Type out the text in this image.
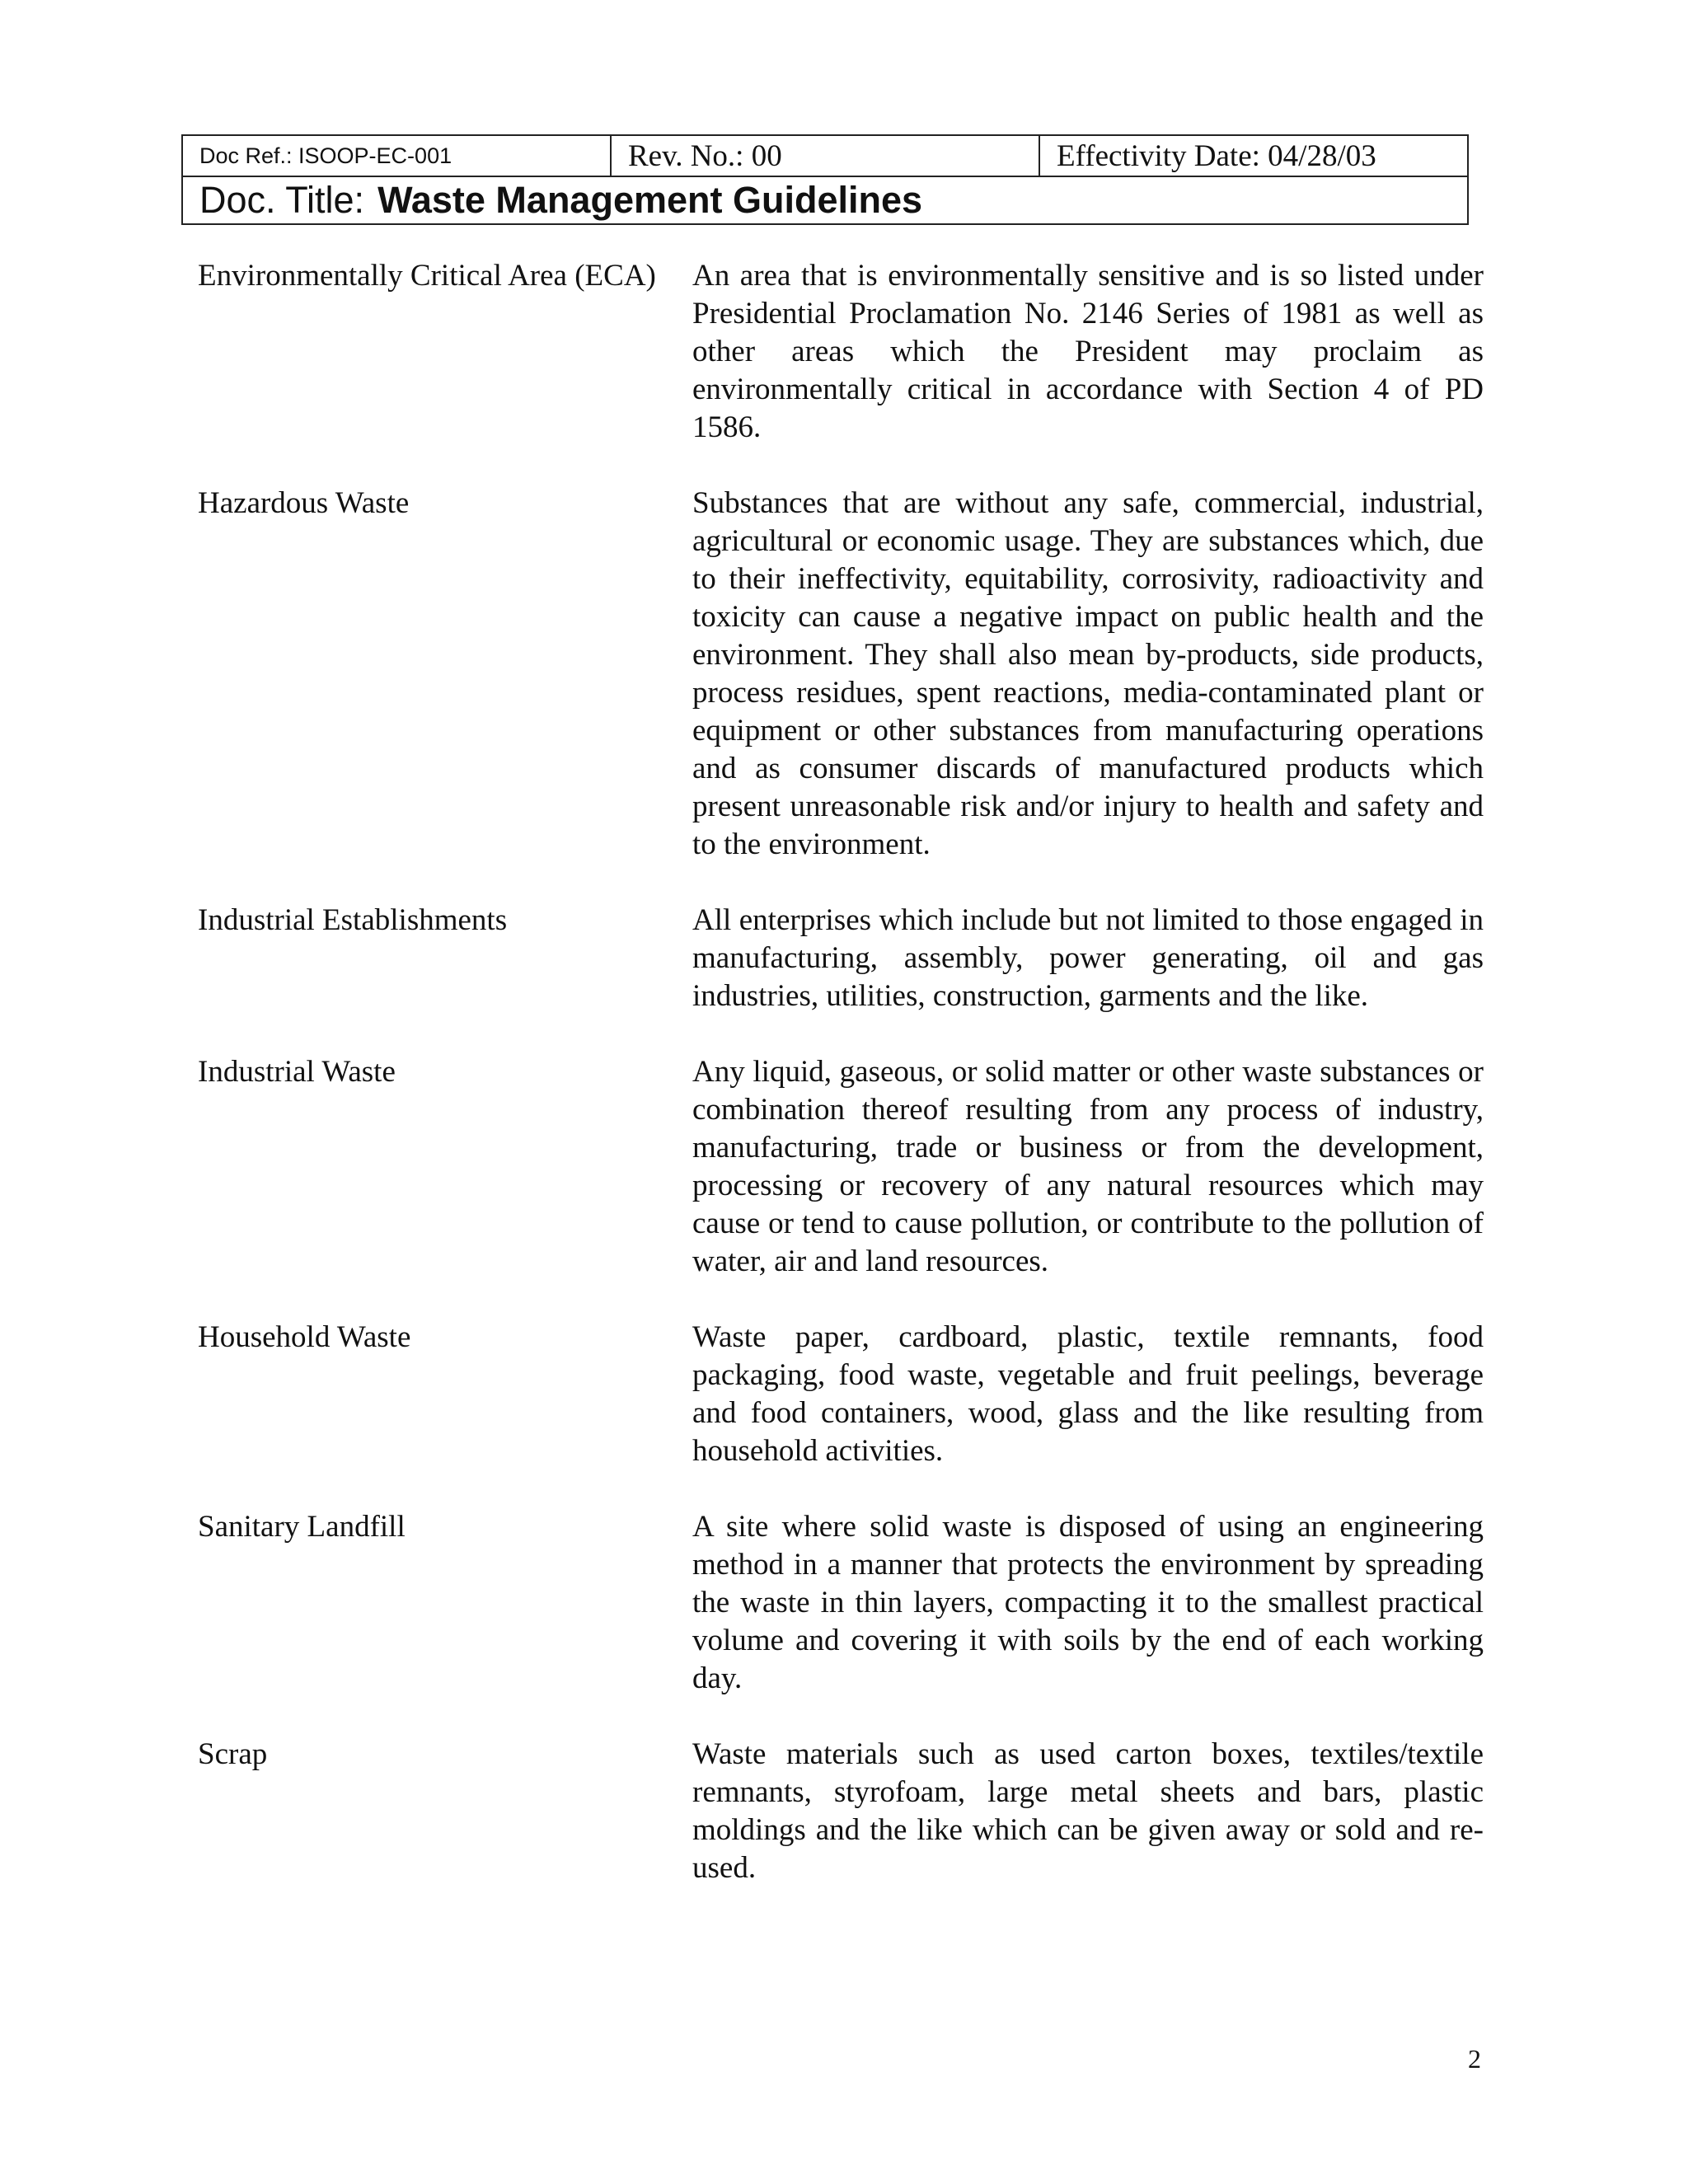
Doc Ref.: ISOOP-EC-001	Rev. No.: 00	Effectivity Date: 04/28/03
Doc. Title: Waste Management Guidelines
Environmentally Critical Area (ECA)	An area that is environmentally sensitive and is so listed under Presidential Proclamation No. 2146 Series of 1981 as well as other areas which the President may proclaim as environmentally critical in accordance with Section 4 of PD 1586.
Hazardous Waste	Substances that are without any safe, commercial, industrial, agricultural or economic usage. They are substances which, due to their ineffectivity, equitability, corrosivity, radioactivity and toxicity can cause a negative impact on public health and the environment. They shall also mean by-products, side products, process residues, spent reactions, media-contaminated plant or equipment or other substances from manufacturing operations and as consumer discards of manufactured products which present unreasonable risk and/or injury to health and safety and to the environment.
Industrial Establishments	All enterprises which include but not limited to those engaged in manufacturing, assembly, power generating, oil and gas industries, utilities, construction, garments and the like.
Industrial Waste	Any liquid, gaseous, or solid matter or other waste substances or combination thereof resulting from any process of industry, manufacturing, trade or business or from the development, processing or recovery of any natural resources which may cause or tend to cause pollution, or contribute to the pollution of water, air and land resources.
Household Waste	Waste paper, cardboard, plastic, textile remnants, food packaging, food waste, vegetable and fruit peelings, beverage and food containers, wood, glass and the like resulting from household activities.
Sanitary Landfill	A site where solid waste is disposed of using an engineering method in a manner that protects the environment by spreading the waste in thin layers, compacting it to the smallest practical volume and covering it with soils by the end of each working day.
Scrap	Waste materials such as used carton boxes, textiles/textile remnants, styrofoam, large metal sheets and bars, plastic moldings and the like which can be given away or sold and re-used.
2
